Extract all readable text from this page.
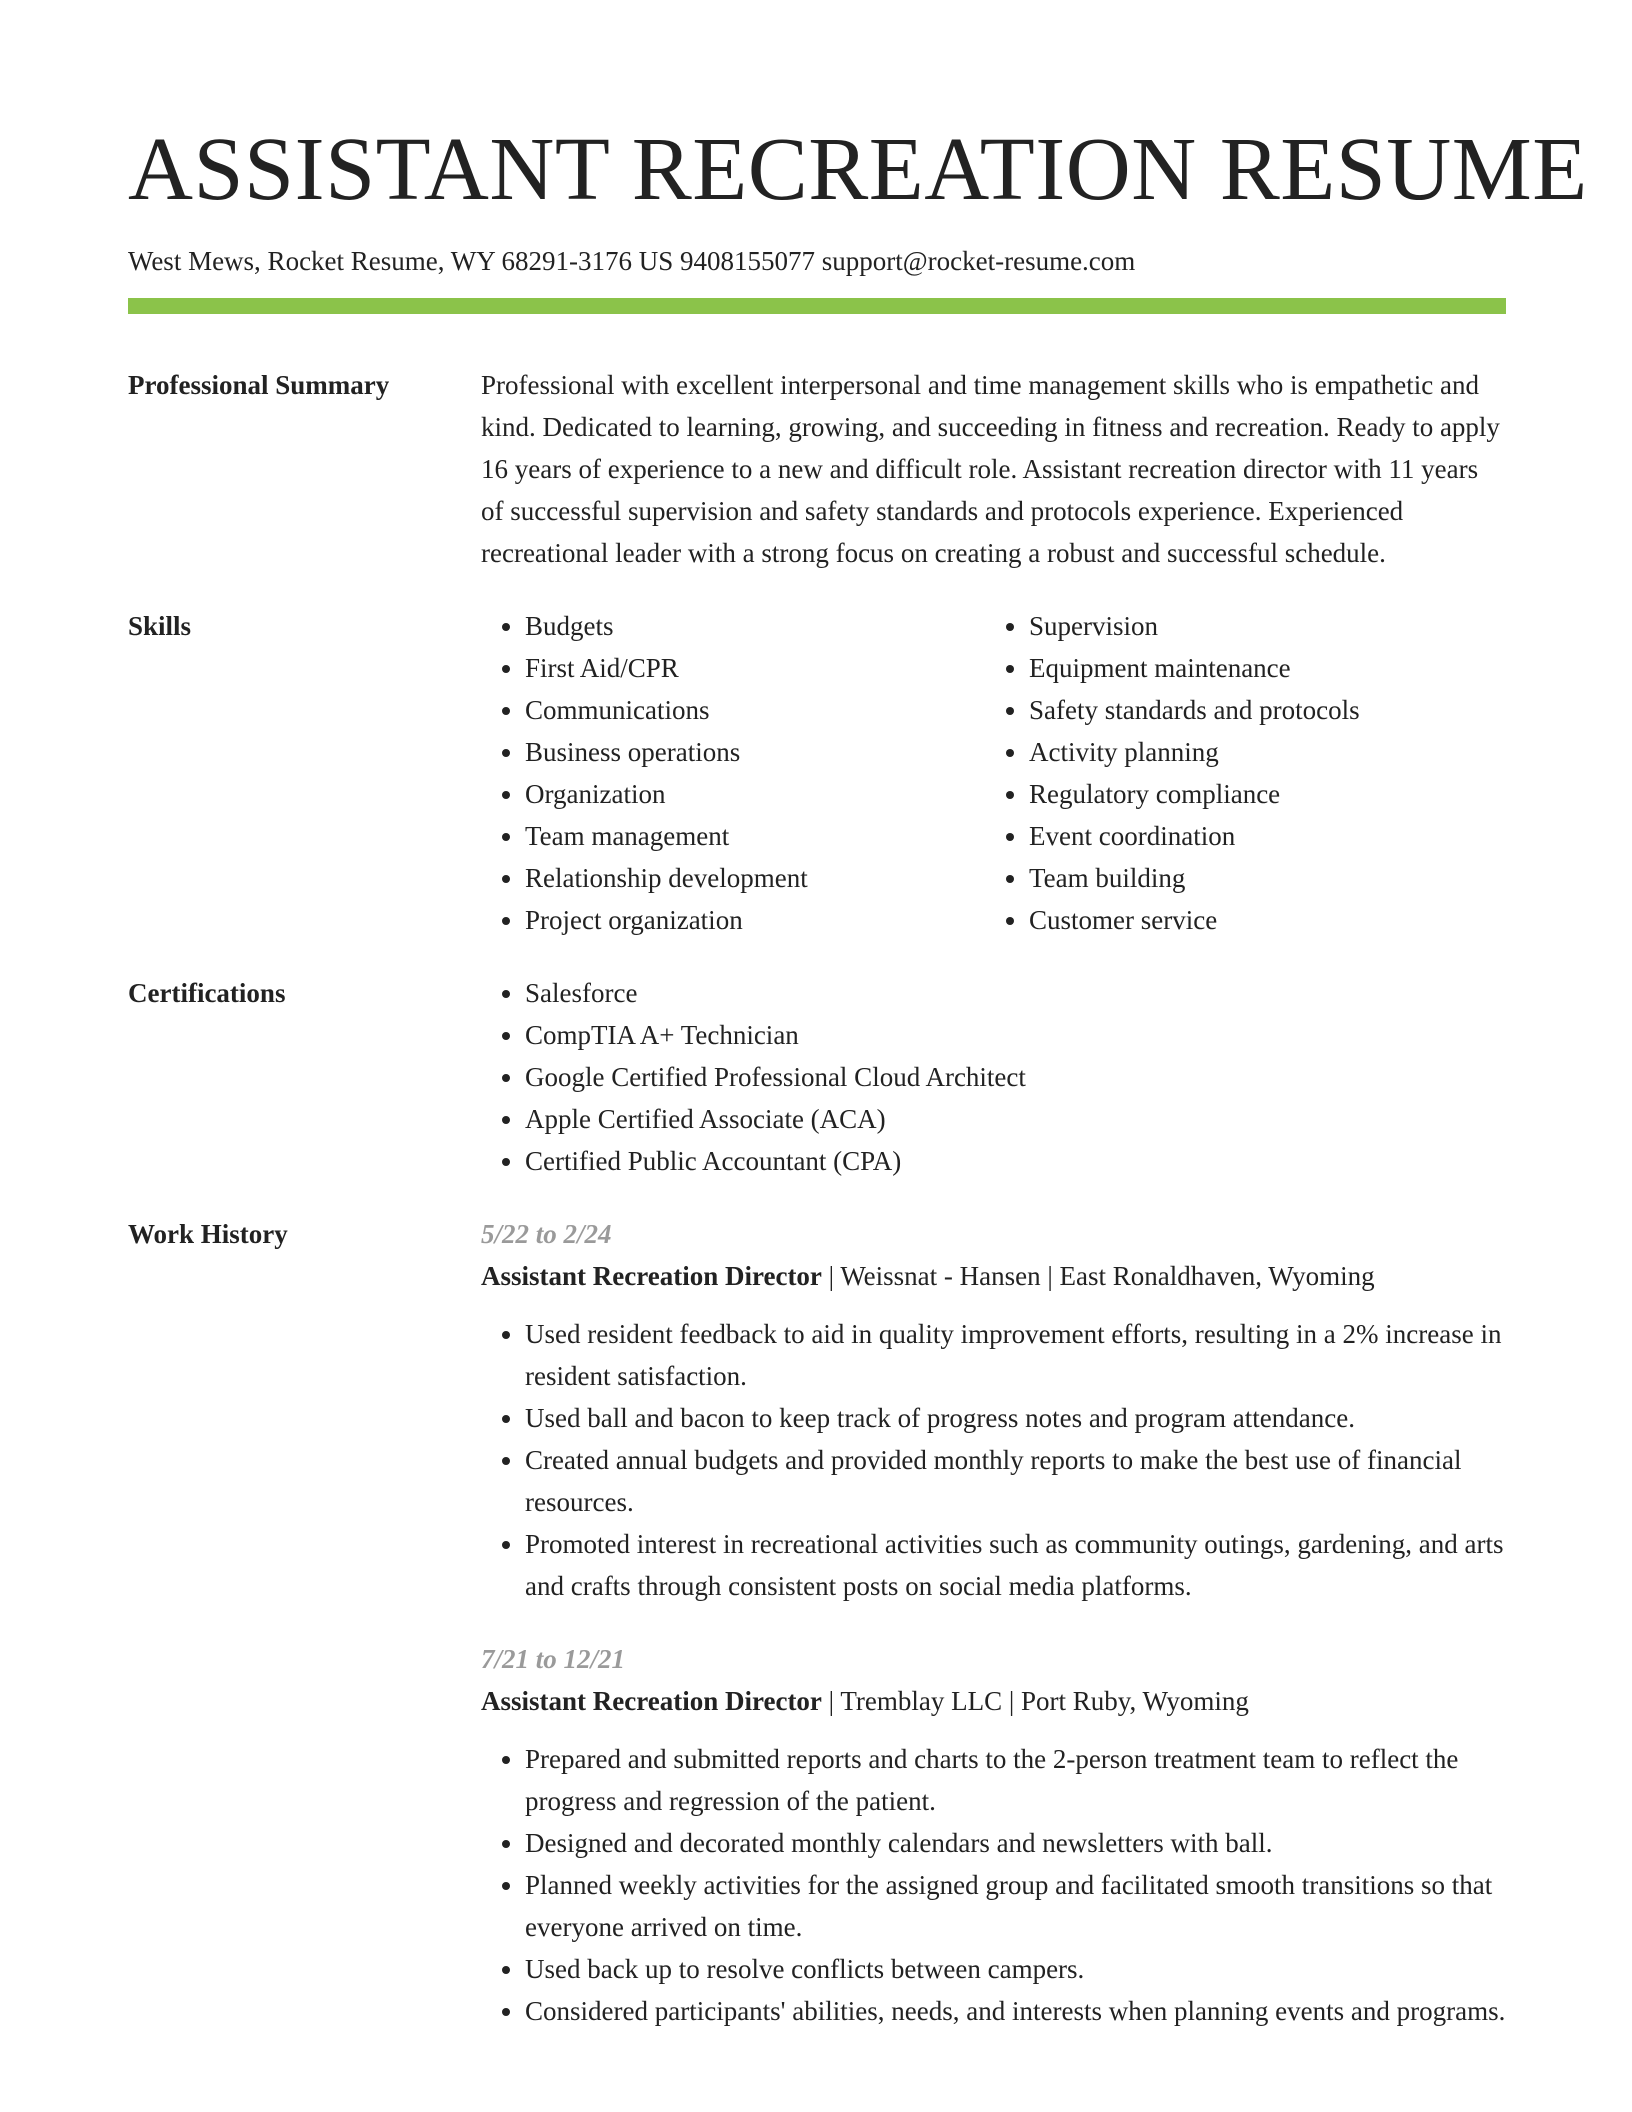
ASSISTANT RECREATION RESUME
West Mews, Rocket Resume, WY 68291-3176 US 9408155077 support@rocket-resume.com
Professional Summary	Professional with excellent interpersonal and time management skills who is empathetic and kind. Dedicated to learning, growing, and succeeding in fitness and recreation. Ready to apply 16 years of experience to a new and difficult role. Assistant recreation director with 11 years of successful supervision and safety standards and protocols experience. Experienced recreational leader with a strong focus on creating a robust and successful schedule.
Skills	• Budgets
• First Aid/CPR
• Communications
• Business operations
• Organization
• Team management
• Relationship development
• Project organization
• Supervision
• Equipment maintenance
• Safety standards and protocols
• Activity planning
• Regulatory compliance
• Event coordination
• Team building
• Customer service
Certifications	• Salesforce
• CompTIA A+ Technician
• Google Certified Professional Cloud Architect
• Apple Certified Associate (ACA)
• Certified Public Accountant (CPA)
Work History	5/22 to 2/24
Assistant Recreation Director | Weissnat - Hansen | East Ronaldhaven, Wyoming
• Used resident feedback to aid in quality improvement efforts, resulting in a 2% increase in resident satisfaction.
• Used ball and bacon to keep track of progress notes and program attendance.
• Created annual budgets and provided monthly reports to make the best use of financial resources.
• Promoted interest in recreational activities such as community outings, gardening, and arts and crafts through consistent posts on social media platforms.
7/21 to 12/21
Assistant Recreation Director | Tremblay LLC | Port Ruby, Wyoming
• Prepared and submitted reports and charts to the 2-person treatment team to reflect the progress and regression of the patient.
• Designed and decorated monthly calendars and newsletters with ball.
• Planned weekly activities for the assigned group and facilitated smooth transitions so that everyone arrived on time.
• Used back up to resolve conflicts between campers.
• Considered participants' abilities, needs, and interests when planning events and programs.
